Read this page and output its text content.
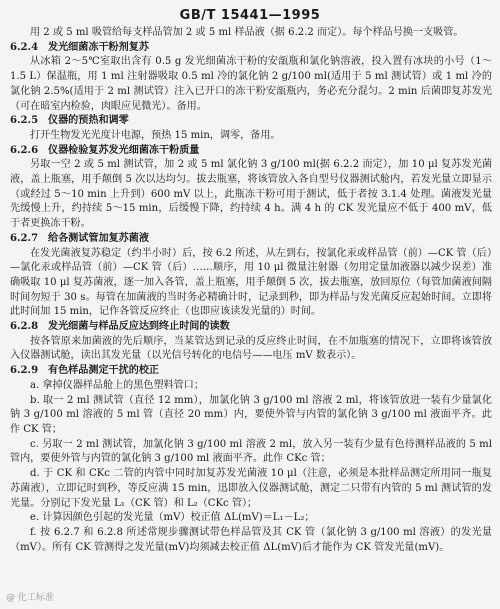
GB/T 15441—1995

用 2 或 5 ml 吸管给每支样品管加 2 或 5 ml 样品液（据 6.2.2 而定）。每个样品号换一支吸管。

6.2.4 发光细菌冻干粉剂复苏

从冰箱 2～5℃室取出含有 0.5 g 发光细菌冻干粉的安瓿瓶和氯化钠溶液，投入置有冰块的小号（1～1.5 L）保温瓶，用 1 ml 注射器吸取 0.5 ml 冷的氯化钠 2 g/100 ml(适用于 5 ml 测试管）或 1 ml 冷的氯化钠 2.5%(适用于 2 ml 测试管）注入已开口的冻干粉安瓿瓶内，务必充分混匀。2 min 后菌即复苏发光（可在暗室内检验，肉眼应见微光）。备用。

6.2.5 仪器的预热和调零

打开生物发光光度计电源，预热 15 min，调零，备用。

6.2.6 仪器检验复苏发光细菌冻干粉质量

另取一空 2 或 5 ml 测试管，加 2 或 5 ml 氯化钠 3 g/100 ml(据 6.2.2 而定），加 10 μl 复苏发光菌液，盖上瓶塞，用手颠倒 5 次以达均匀。拔去瓶塞，将该管放入各自型号仪器测试舱内，若发光量立即显示（或经过 5～10 min 上升到）600 mV 以上，此瓶冻干粉可用于测试，低于者按 3.1.4 处理。菌液发光量先缓慢上升，约持续 5～15 min，后缓慢下降，约持续 4 h。满 4 h 的 CK 发光量应不低于 400 mV，低于者更换冻干粉。

6.2.7 给各测试管加复苏菌液

在发光菌液复苏稳定（约半小时）后，按 6.2 所述，从左到右，按氯化汞或样品管（前）—CK 管（后）—氯化汞或样品管（前）—CK 管（后）……顺序，用 10 μl 微量注射器（勿用定量加液器以减少误差）准确吸取 10 μl 复苏菌液，逐一加入各管，盖上瓶塞，用手颠倒 5 次，拔去瓶塞，放回原位（每管加菌液间隔时间勿短于 30 s。每管在加菌液的当时务必精确计时，记录到秒，即为样品与发光菌反应起始时间。立即将此时间加 15 min，记作各管反应终止（也即应该读发光量的）时间。

6.2.8 发光细菌与样品反应达到终止时间的读数

按各管原来加菌液的先后顺序，当某管达到记录的反应终止时间，在不加瓶塞的情况下，立即将该管放入仪器测试舱，读出其发光量（以光信号转化的电信号——电压 mV 数表示）。

6.2.9 有色样品测定干扰的校正

a. 拿掉仪器样品舱上的黑色塑料管口；

b. 取一 2 ml 测试管（直径 12 mm），加氯化钠 3 g/100 ml 溶液 2 ml，将该管放进一装有少量氯化钠 3 g/100 ml 溶液的 5 ml 管（直径 20 mm）内，要使外管与内管的氯化钠 3 g/100 ml 液面平齐。此作 CK 管；

c. 另取一 2 ml 测试管，加氯化钠 3 g/100 ml 溶液 2 ml，放入另一装有少量有色待测样品液的 5 ml管内，要使外管与内管的氯化钠 3 g/100 ml 液面平齐。此作 CKc 管；

d. 于 CK 和 CKc 二管的内管中同时加复苏发光菌液 10 μl（注意，必须是本批样品测定所用同一瓶复苏菌液），立即记时到秒，等反应满 15 min，迅即放入仪器测试舱，测定二只带有内管的 5 ml 测试管的发光量。分别记下发光量 L₁（CK 管）和 L₂（CKc 管）；

e. 计算因颜色引起的发光量（mV）校正值 ΔL(mV)＝L₁－L₂；

f. 按 6.2.7 和 6.2.8 所述常规步骤测试带色样品管及其 CK 管（氯化钠 3 g/100 ml 溶液）的发光量（mV）。所有 CK 管测得之发光量(mV)均须减去校正值 ΔL(mV)后才能作为 CK 管发光量(mV)。

@ 化工标准
